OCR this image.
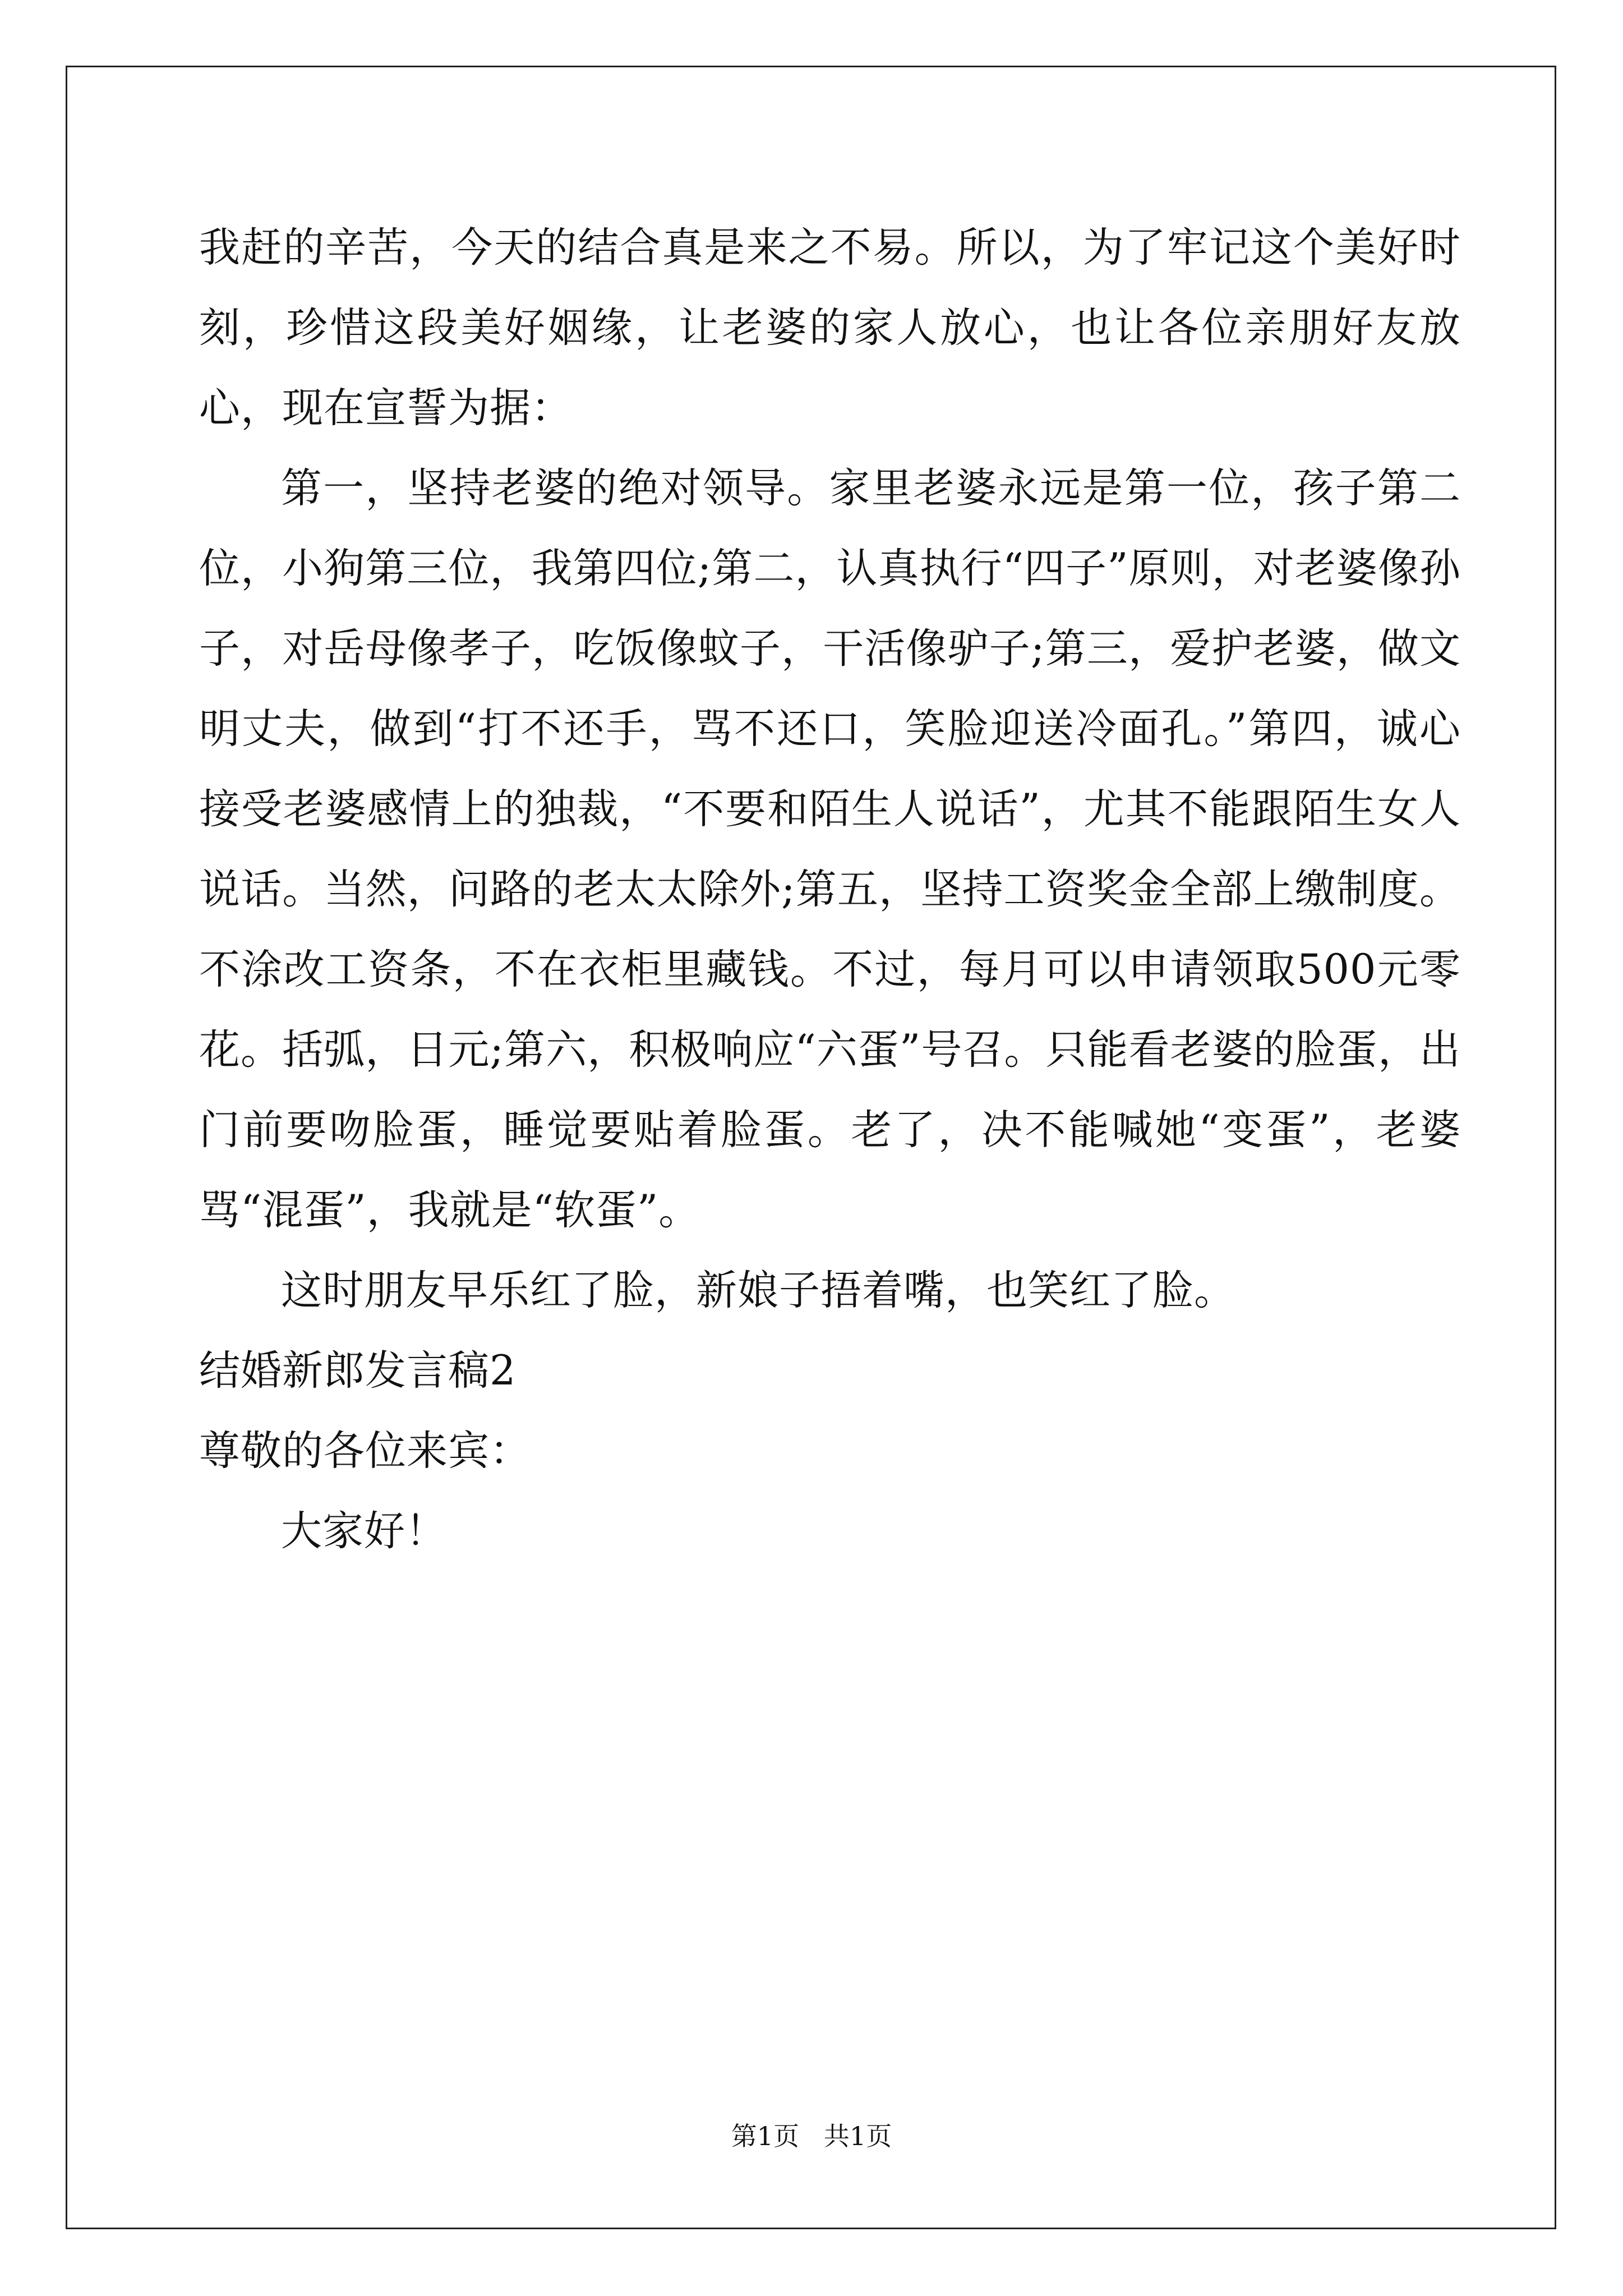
我赶的辛苦，今天的结合真是来之不易。所以，为了牢记这个美好时刻，珍惜这段美好姻缘，让老婆的家人放心，也让各位亲朋好友放心，现在宣誓为据：

第一，坚持老婆的绝对领导。家里老婆永远是第一位，孩子第二位，小狗第三位，我第四位;第二，认真执行“四子”原则，对老婆像孙子，对岳母像孝子，吃饭像蚊子，干活像驴子;第三，爱护老婆，做文明丈夫，做到“打不还手，骂不还口，笑脸迎送冷面孔。”第四，诚心接受老婆感情上的独裁，“不要和陌生人说话”，尤其不能跟陌生女人说话。当然，问路的老太太除外;第五，坚持工资奖金全部上缴制度。不涂改工资条，不在衣柜里藏钱。不过，每月可以申请领取500元零花。括弧，日元;第六，积极响应“六蛋”号召。只能看老婆的脸蛋，出门前要吻脸蛋，睡觉要贴着脸蛋。老了，决不能喊她“变蛋”，老婆骂“混蛋”，我就是“软蛋”。

这时朋友早乐红了脸，新娘子捂着嘴，也笑红了脸。

结婚新郎发言稿2

尊敬的各位来宾：

大家好！

第1页   共1页
